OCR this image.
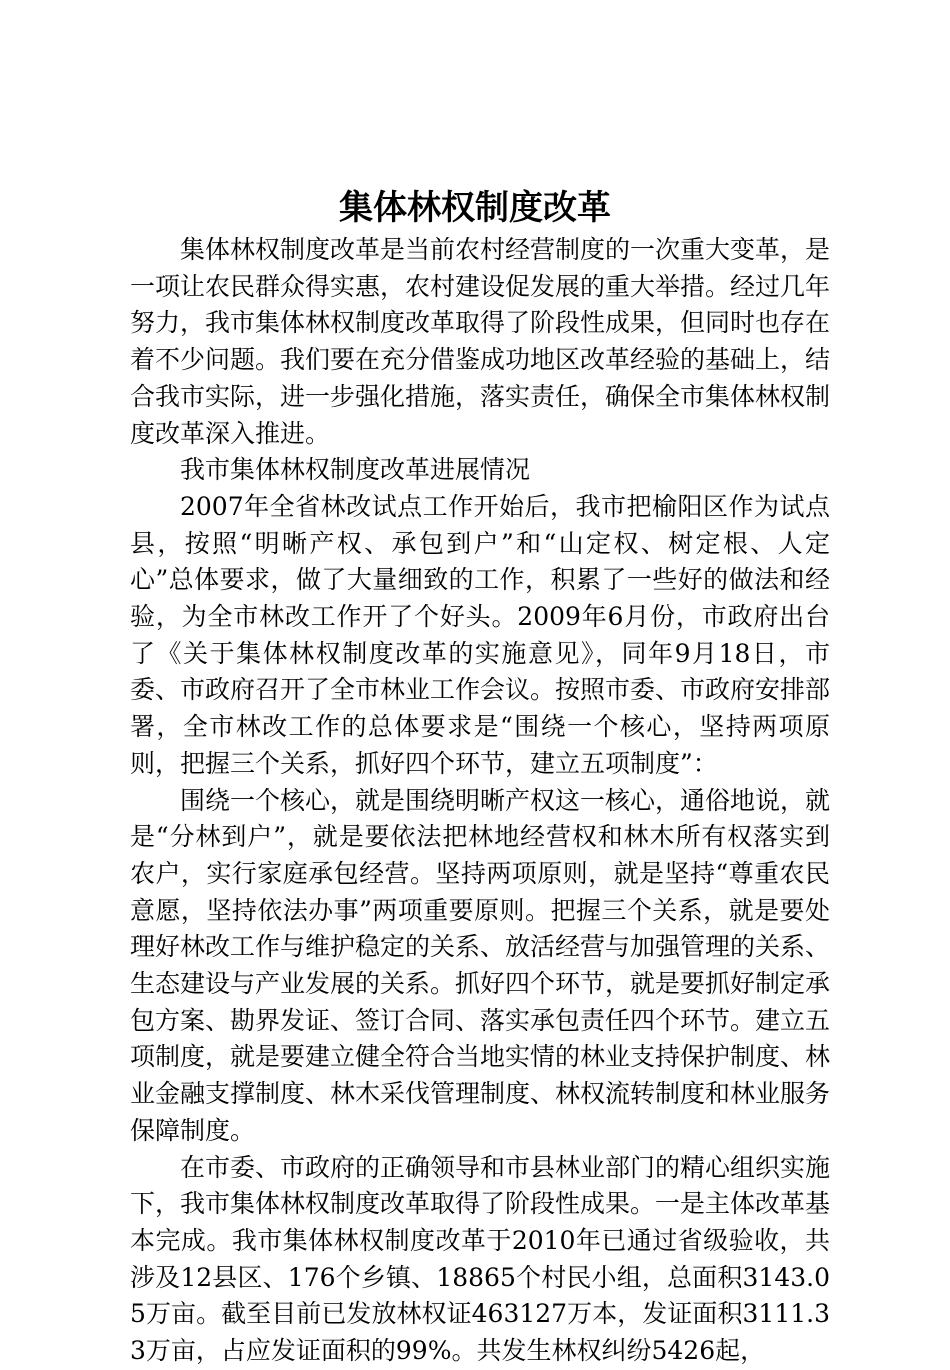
集体林权制度改革

集体林权制度改革是当前农村经营制度的一次重大变革，是一项让农民群众得实惠，农村建设促发展的重大举措。经过几年努力，我市集体林权制度改革取得了阶段性成果，但同时也存在着不少问题。我们要在充分借鉴成功地区改革经验的基础上，结合我市实际，进一步强化措施，落实责任，确保全市集体林权制度改革深入推进。

我市集体林权制度改革进展情况

2007年全省林改试点工作开始后，我市把榆阳区作为试点县，按照“明晰产权、承包到户”和“山定权、树定根、人定心”总体要求，做了大量细致的工作，积累了一些好的做法和经验，为全市林改工作开了个好头。2009年6月份，市政府出台了《关于集体林权制度改革的实施意见》，同年9月18日，市委、市政府召开了全市林业工作会议。按照市委、市政府安排部署，全市林改工作的总体要求是“围绕一个核心，坚持两项原则，把握三个关系，抓好四个环节，建立五项制度”：

围绕一个核心，就是围绕明晰产权这一核心，通俗地说，就是“分林到户”，就是要依法把林地经营权和林木所有权落实到农户，实行家庭承包经营。坚持两项原则，就是坚持“尊重农民意愿，坚持依法办事”两项重要原则。把握三个关系，就是要处理好林改工作与维护稳定的关系、放活经营与加强管理的关系、生态建设与产业发展的关系。抓好四个环节，就是要抓好制定承包方案、勘界发证、签订合同、落实承包责任四个环节。建立五项制度，就是要建立健全符合当地实情的林业支持保护制度、林业金融支撑制度、林木采伐管理制度、林权流转制度和林业服务保障制度。

在市委、市政府的正确领导和市县林业部门的精心组织实施下，我市集体林权制度改革取得了阶段性成果。一是主体改革基本完成。我市集体林权制度改革于2010年已通过省级验收，共涉及12县区、176个乡镇、18865个村民小组，总面积3143.05万亩。截至目前已发放林权证463127万本，发证面积3111.33万亩，占应发证面积的99%。共发生林权纠纷5426起，
